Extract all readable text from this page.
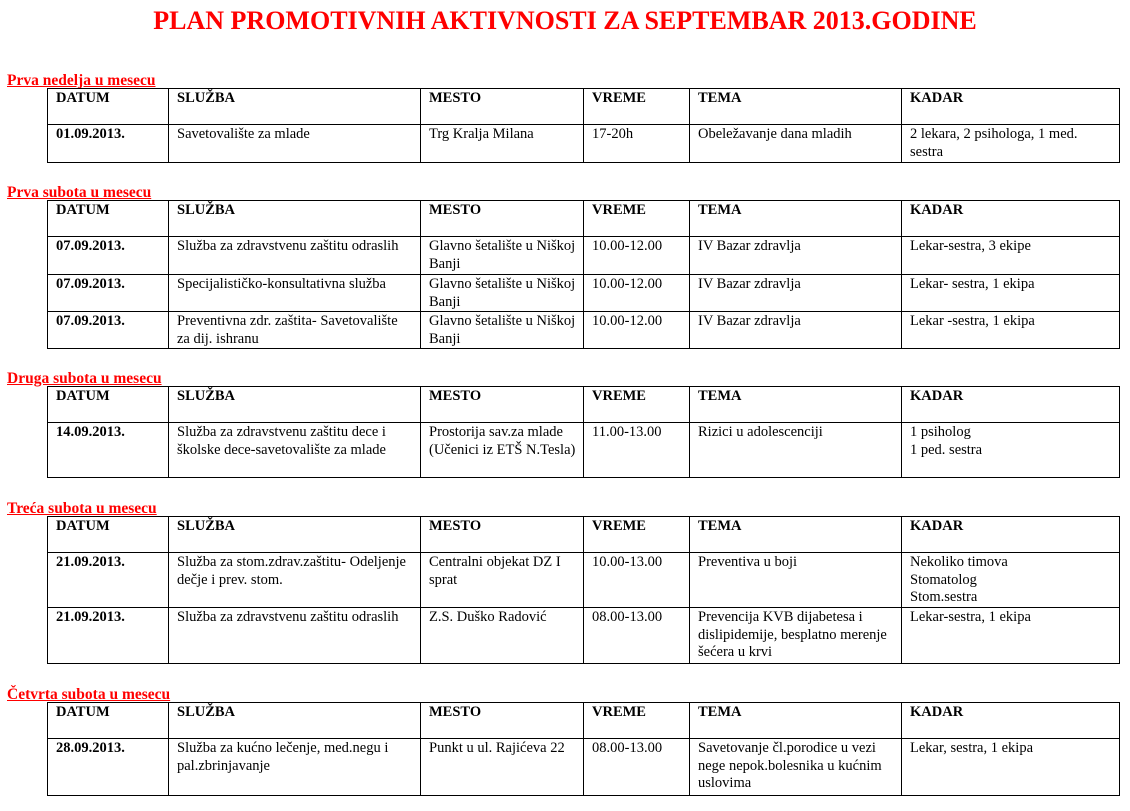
PLAN PROMOTIVNIH AKTIVNOSTI ZA SEPTEMBAR 2013.GODINE
Prva nedelja u mesecu
DATUM	SLUŽBA	MESTO	VREME	TEMA	KADAR
01.09.2013.	Savetovalište za mlade	Trg Kralja Milana	17-20h	Obeležavanje dana mladih	2 lekara, 2 psihologa, 1 med. sestra
Prva subota u mesecu
DATUM	SLUŽBA	MESTO	VREME	TEMA	KADAR
07.09.2013.	Služba za zdravstvenu zaštitu odraslih	Glavno šetalište u Niškoj Banji	10.00-12.00	IV Bazar zdravlja	Lekar-sestra, 3 ekipe

07.09.2013.	Specijalističko-konsultativna služba	Glavno šetalište u Niškoj Banji	10.00-12.00	IV Bazar zdravlja	Lekar- sestra, 1 ekipa

07.09.2013.	Preventivna zdr. zaštita- Savetovalište za dij. ishranu	Glavno šetalište u Niškoj Banji	10.00-12.00	IV Bazar zdravlja	Lekar -sestra, 1 ekipa
Druga subota u mesecu
DATUM	SLUŽBA	MESTO	VREME	TEMA	KADAR
14.09.2013.	Služba za zdravstvenu zaštitu dece i školske dece-savetovalište za mlade	Prostorija sav.za mlade (Učenici iz ETŠ N.Tesla)	11.00-13.00	Rizici u adolescenciji	1 psiholog
1 ped. sestra
Treća subota u mesecu
DATUM	SLUŽBA	MESTO	VREME	TEMA	KADAR
21.09.2013.	Služba za stom.zdrav.zaštitu- Odeljenje dečje i prev. stom.	Centralni objekat DZ I sprat	10.00-13.00	Preventiva u boji	Nekoliko timova
Stomatolog
Stom.sestra

21.09.2013.	Služba za zdravstvenu zaštitu odraslih	Z.S. Duško Radović	08.00-13.00	Prevencija KVB dijabetesa i dislipidemije, besplatno merenje šećera u krvi	Lekar-sestra, 1 ekipa
Četvrta subota u mesecu
DATUM	SLUŽBA	MESTO	VREME	TEMA	KADAR
28.09.2013.	Služba za kućno lečenje, med.negu i pal.zbrinjavanje	Punkt u ul. Rajićeva 22	08.00-13.00	Savetovanje čl.porodice u vezi nege nepok.bolesnika u kućnim uslovima	Lekar, sestra, 1 ekipa
